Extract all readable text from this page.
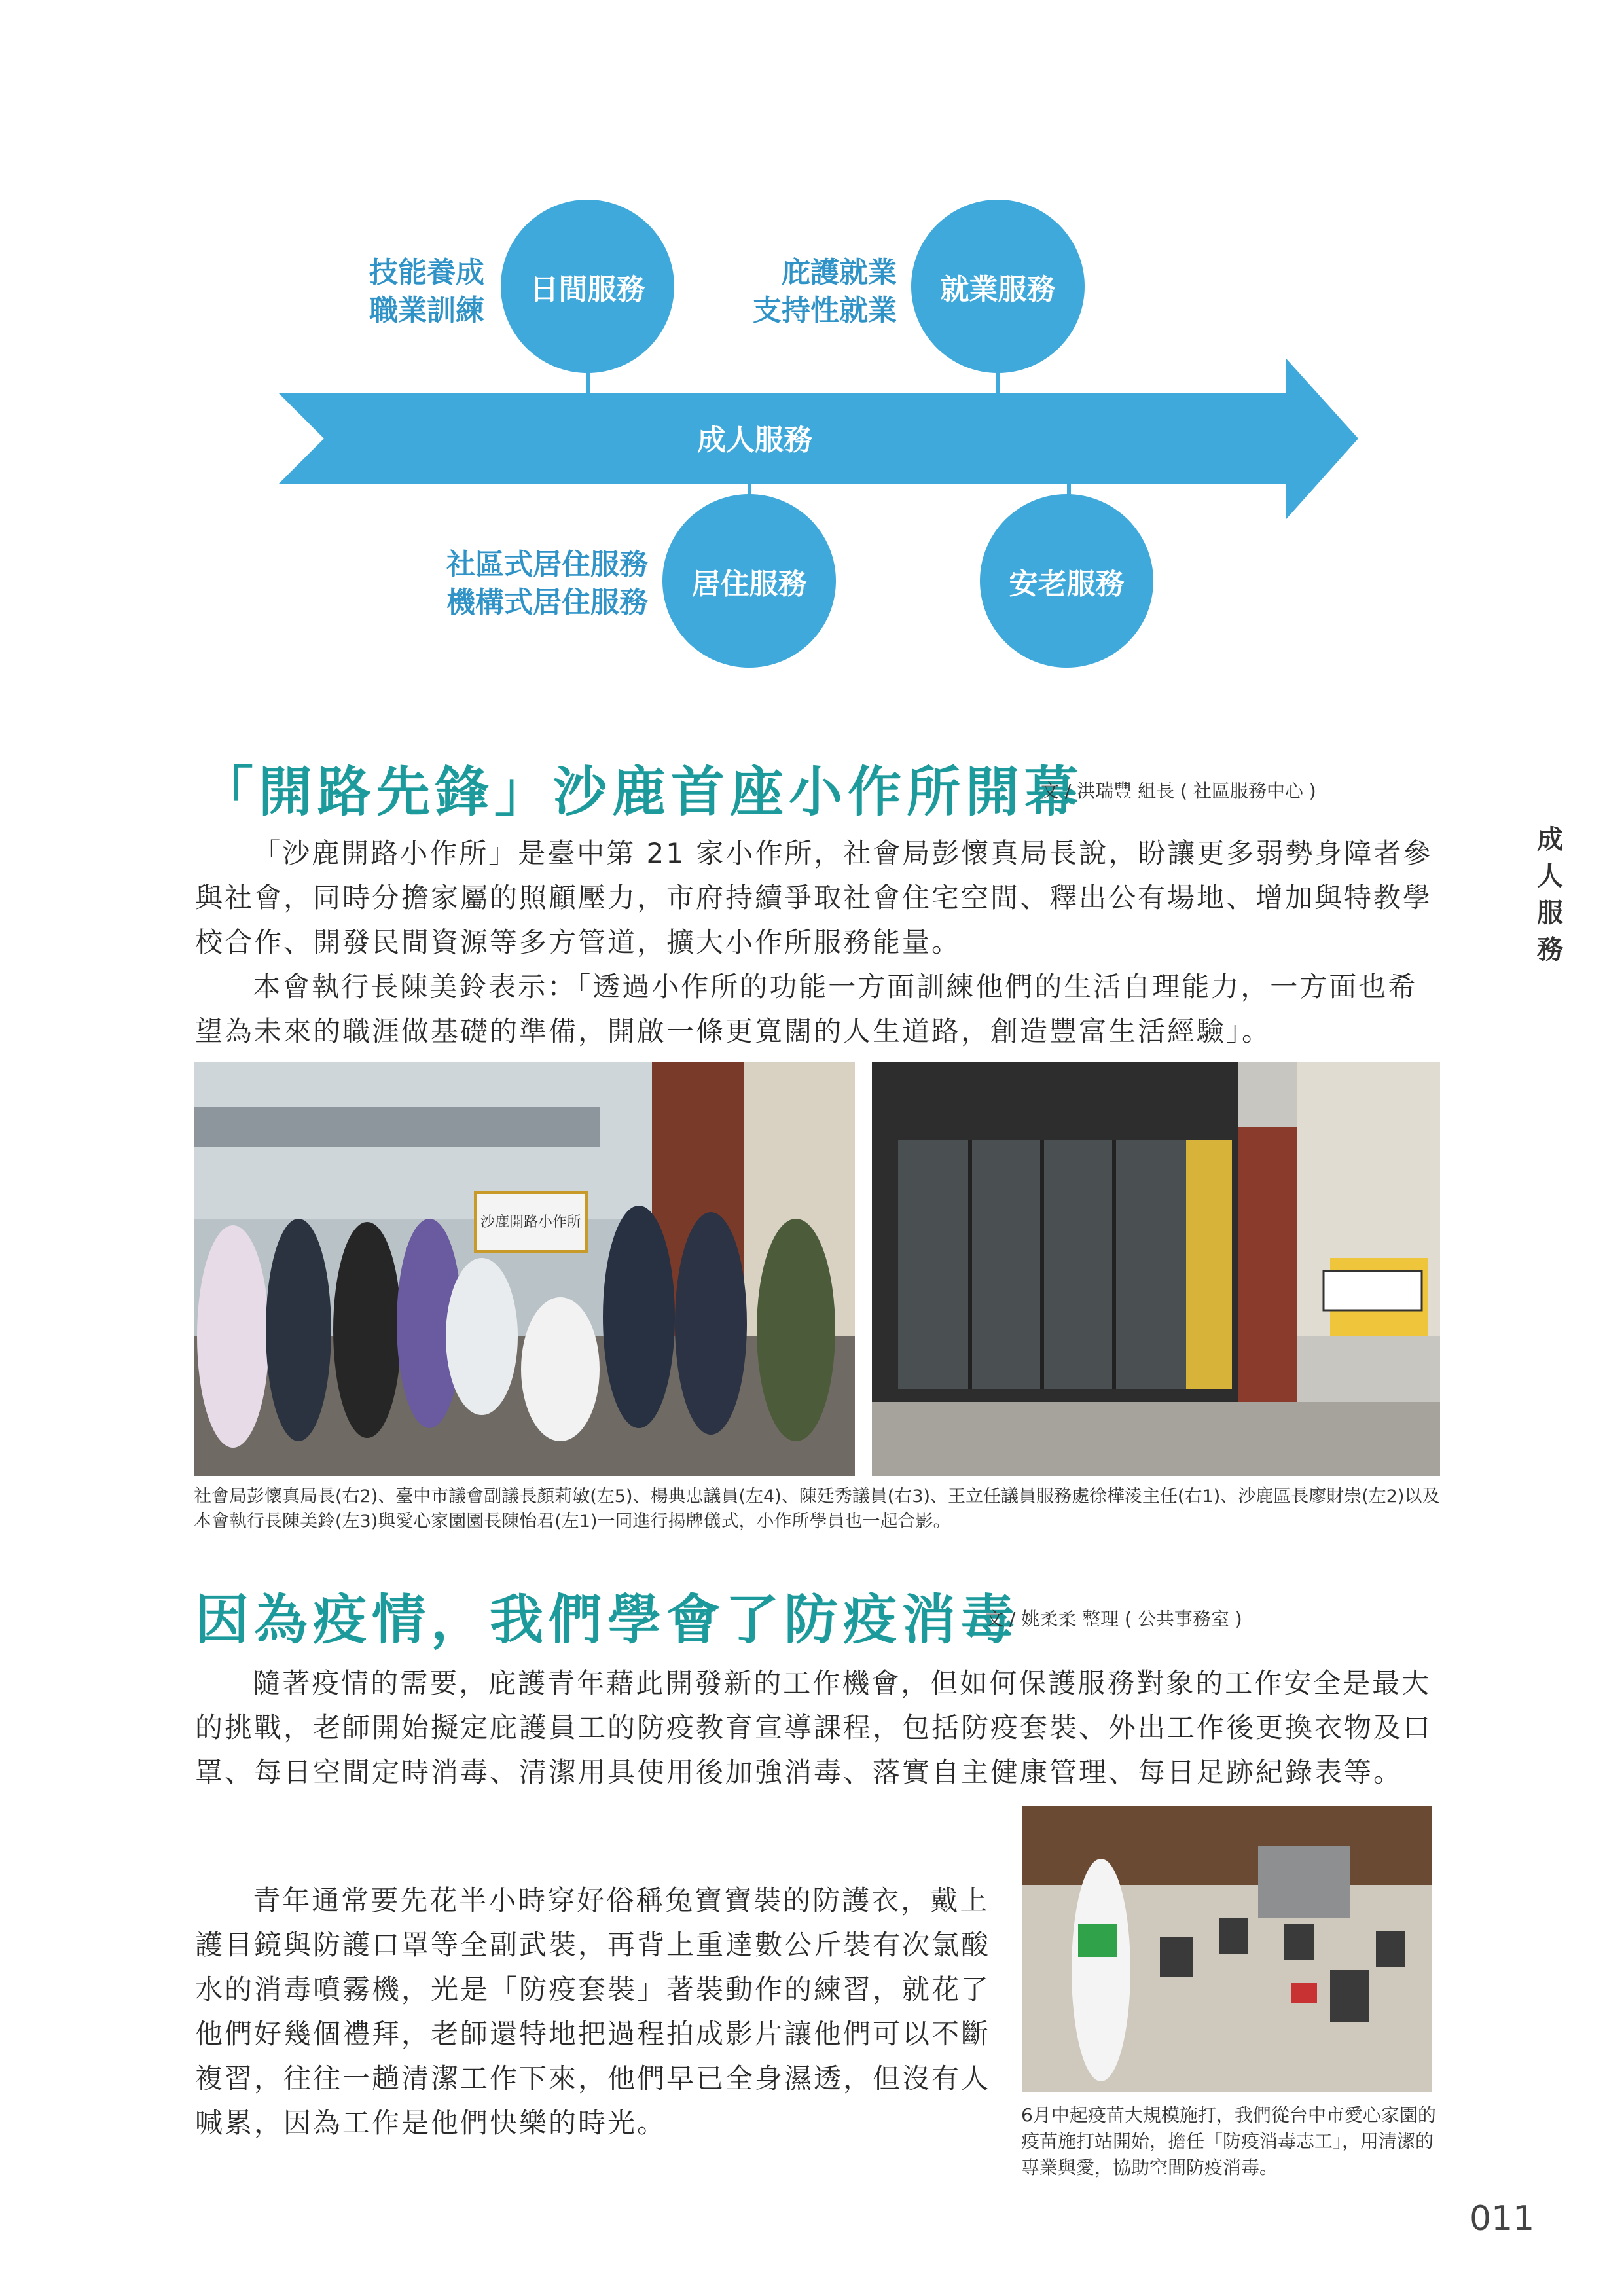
成人服務
日間服務	就業服務
居住服務	安老服務
技能養成
職業訓練
庇護就業
支持性就業
社區式居住服務
機構式居住服務
成
人
服
務
「開路先鋒」沙鹿首座小作所開幕
文 / 洪瑞豐 組長 ( 社區服務中心 )

「沙鹿開路小作所」是臺中第 21 家小作所，社會局彭懷真局長說，盼讓更多弱勢身障者參與社會，同時分擔家屬的照顧壓力，市府持續爭取社會住宅空間、釋出公有場地、增加與特教學校合作、開發民間資源等多方管道，擴大小作所服務能量。

本會執行長陳美鈴表示：「透過小作所的功能一方面訓練他們的生活自理能力，一方面也希望為未來的職涯做基礎的準備，開啟一條更寬闊的人生道路，創造豐富生活經驗」。

沙鹿開路小作所
社會局彭懷真局長(右2)、臺中市議會副議長顏莉敏(左5)、楊典忠議員(左4)、陳廷秀議員(右3)、王立任議員服務處徐樺淩主任(右1)、沙鹿區長廖財崇(左2)以及本會執行長陳美鈴(左3)與愛心家園園長陳怡君(左1)一同進行揭牌儀式，小作所學員也一起合影。
因為疫情，我們學會了防疫消毒
文 / 姚柔柔 整理 ( 公共事務室 )

隨著疫情的需要，庇護青年藉此開發新的工作機會，但如何保護服務對象的工作安全是最大的挑戰，老師開始擬定庇護員工的防疫教育宣導課程，包括防疫套裝、外出工作後更換衣物及口罩、每日空間定時消毒、清潔用具使用後加強消毒、落實自主健康管理、每日足跡紀錄表等。

青年通常要先花半小時穿好俗稱兔寶寶裝的防護衣，戴上護目鏡與防護口罩等全副武裝，再背上重達數公斤裝有次氯酸水的消毒噴霧機，光是「防疫套裝」著裝動作的練習，就花了他們好幾個禮拜，老師還特地把過程拍成影片讓他們可以不斷複習，往往一趟清潔工作下來，他們早已全身濕透，但沒有人喊累，因為工作是他們快樂的時光。	6月中起疫苗大規模施打，我們從台中市愛心家園的疫苗施打站開始，擔任「防疫消毒志工」，用清潔的專業與愛，協助空間防疫消毒。
011
